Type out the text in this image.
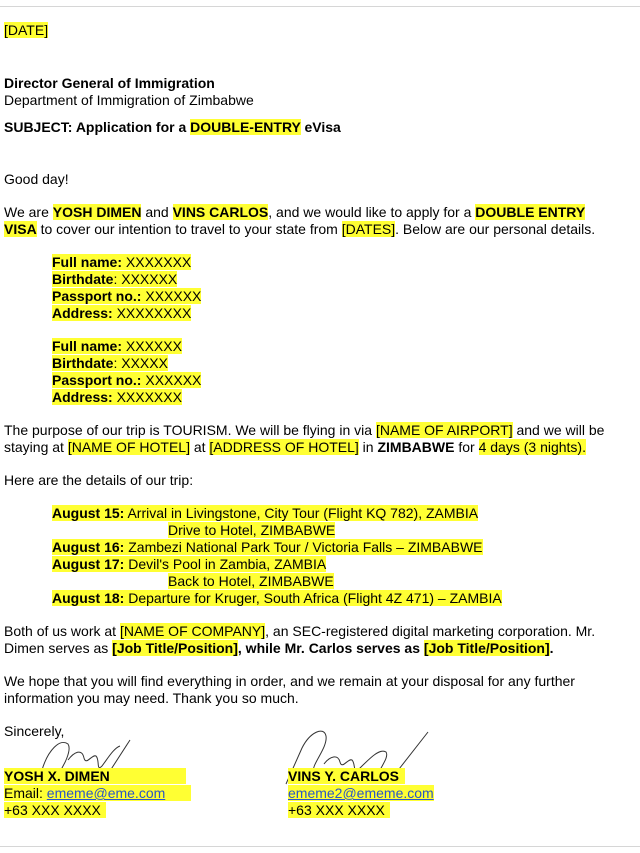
[DATE]

Director General of Immigration

Department of Immigration of Zimbabwe

SUBJECT: Application for a DOUBLE-ENTRY eVisa

Good day!

We are YOSH DIMEN and VINS CARLOS, and we would like to apply for a DOUBLE ENTRY
VISA to cover our intention to travel to your state from [DATES]. Below are our personal details.

Full name: XXXXXXX
Birthdate: XXXXXX
Passport no.: XXXXXX
Address: XXXXXXXX
Full name: XXXXXX
Birthdate: XXXXX
Passport no.: XXXXXX
Address: XXXXXXX

The purpose of our trip is TOURISM. We will be flying in via [NAME OF AIRPORT] and we will be staying at [NAME OF HOTEL] at [ADDRESS OF HOTEL] in ZIMBABWE for 4 days (3 nights).

Here are the details of our trip:

August 15: Arrival in Livingstone, City Tour (Flight KQ 782), ZAMBIA
Drive to Hotel, ZIMBABWE
August 16: Zambezi National Park Tour / Victoria Falls – ZIMBABWE
August 17: Devil's Pool in Zambia, ZAMBIA
Back to Hotel, ZIMBABWE
August 18: Departure for Kruger, South Africa (Flight 4Z 471) – ZAMBIA

Both of us work at [NAME OF COMPANY], an SEC-registered digital marketing corporation. Mr. Dimen serves as [Job Title/Position], while Mr. Carlos serves as [Job Title/Position].

We hope that you will find everything in order, and we remain at your disposal for any further information you may need. Thank you so much.

Sincerely,

YOSH X. DIMEN
Email: ememe@eme.com
+63 XXX XXXX
VINS Y. CARLOS
ememe2@ememe.com
+63 XXX XXXX
